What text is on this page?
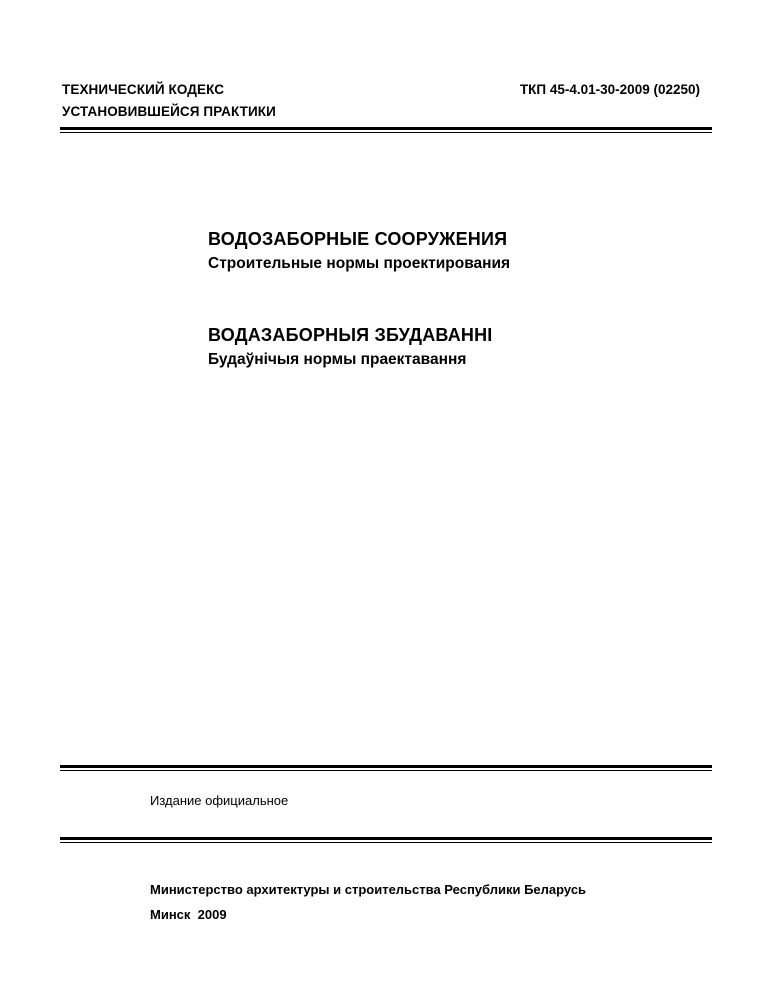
ТЕХНИЧЕСКИЙ КОДЕКС
УСТАНОВИВШЕЙСЯ ПРАКТИКИ
ТКП 45-4.01-30-2009 (02250)
ВОДОЗАБОРНЫЕ СООРУЖЕНИЯ
Строительные нормы проектирования
ВОДАЗАБОРНЫЯ ЗБУДАВАННІ
Будаўнічыя нормы праектавання
Издание официальное
Министерство архитектуры и строительства Республики Беларусь
Минск  2009
